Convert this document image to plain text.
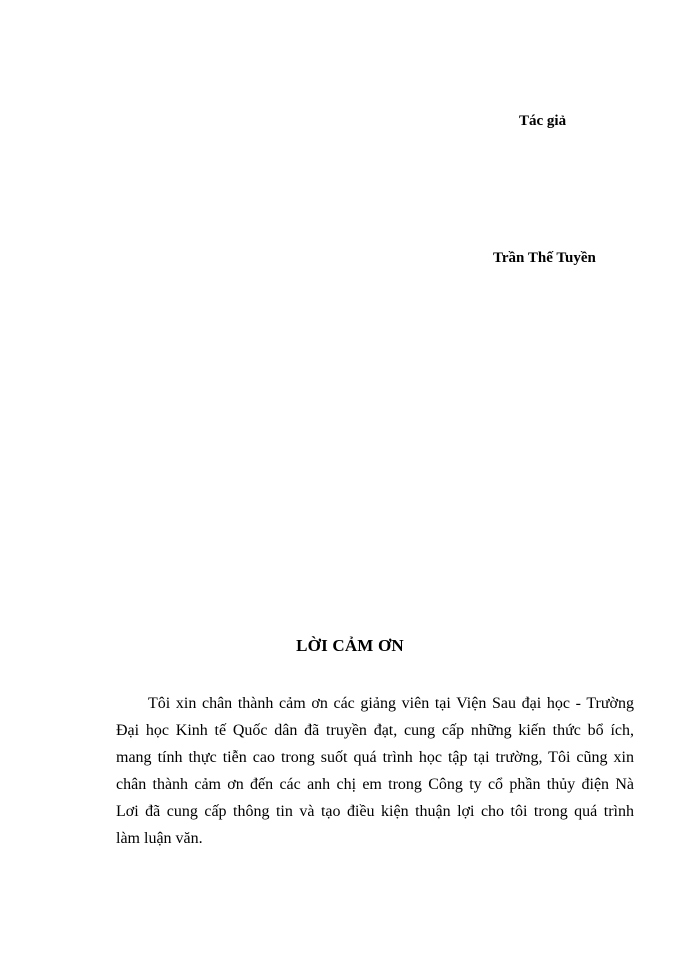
Tác giả
Trần Thế Tuyền
LỜI CẢM ƠN
Tôi xin chân thành cảm ơn các giảng viên tại Viện Sau đại học - Trường
Đại học Kinh tế Quốc dân đã truyền đạt, cung cấp những kiến thức bổ ích,
mang tính thực tiễn cao trong suốt quá trình học tập tại trường, Tôi cũng xin
chân thành cảm ơn đến các anh chị em trong Công ty cổ phần thủy điện Nà
Lơi đã cung cấp thông tin và tạo điều kiện thuận lợi cho tôi trong quá trình
làm luận văn.
